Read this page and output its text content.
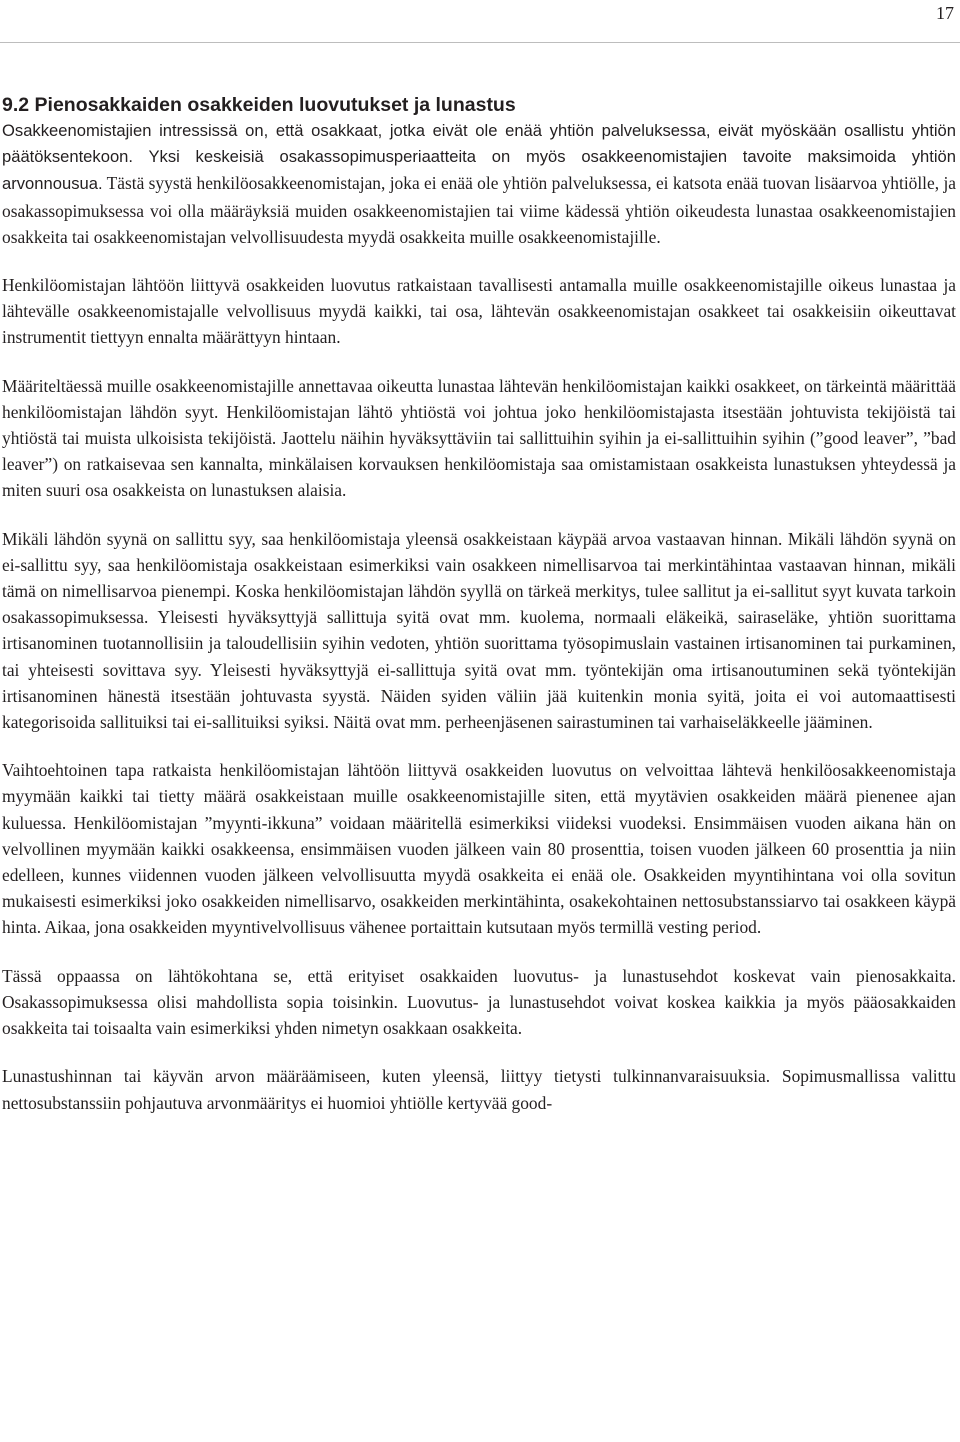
17
9.2 Pienosakkaiden osakkeiden luovutukset ja lunastus

Osakkeenomistajien intressissä on, että osakkaat, jotka eivät ole enää yhtiön palveluksessa, eivät myöskään osallistu yhtiön päätöksentekoon. Yksi keskeisiä osakassopimusperiaatteita on myös osakkeenomistajien tavoite maksimoida yhtiön arvonnousua. Tästä syystä henkilöosakkeenomistajan, joka ei enää ole yhtiön palveluksessa, ei katsota enää tuovan lisäarvoa yhtiölle, ja osakassopimuksessa voi olla määräyksiä muiden osakkeenomistajien tai viime kädessä yhtiön oikeudesta lunastaa osakkeenomistajien osakkeita tai osakkeenomistajan velvollisuudesta myydä osakkeita muille osakkeenomistajille.

Henkilöomistajan lähtöön liittyvä osakkeiden luovutus ratkaistaan tavallisesti antamalla muille osakkeenomistajille oikeus lunastaa ja lähtevälle osakkeenomistajalle velvollisuus myydä kaikki, tai osa, lähtevän osakkeenomistajan osakkeet tai osakkeisiin oikeuttavat instrumentit tiettyyn ennalta määrättyyn hintaan.

Määriteltäessä muille osakkeenomistajille annettavaa oikeutta lunastaa lähtevän henkilöomistajan kaikki osakkeet, on tärkeintä määrittää henkilöomistajan lähdön syyt. Henkilöomistajan lähtö yhtiöstä voi johtua joko henkilöomistajasta itsestään johtuvista tekijöistä tai yhtiöstä tai muista ulkoisista tekijöistä. Jaottelu näihin hyväksyttäviin tai sallittuihin syihin ja ei-sallittuihin syihin (”good leaver”, ”bad leaver”) on ratkaisevaa sen kannalta, minkälaisen korvauksen henkilöomistaja saa omistamistaan osakkeista lunastuksen yhteydessä ja miten suuri osa osakkeista on lunastuksen alaisia.

Mikäli lähdön syynä on sallittu syy, saa henkilöomistaja yleensä osakkeistaan käypää arvoa vastaavan hinnan. Mikäli lähdön syynä on ei-sallittu syy, saa henkilöomistaja osakkeistaan esimerkiksi vain osakkeen nimellisarvoa tai merkintähintaa vastaavan hinnan, mikäli tämä on nimellisarvoa pienempi. Koska henkilöomistajan lähdön syyllä on tärkeä merkitys, tulee sallitut ja ei-sallitut syyt kuvata tarkoin osakassopimuksessa. Yleisesti hyväksyttyjä sallittuja syitä ovat mm. kuolema, normaali eläkeikä, sairaseläke, yhtiön suorittama irtisanominen tuotannollisiin ja taloudellisiin syihin vedoten, yhtiön suorittama työsopimuslain vastainen irtisanominen tai purkaminen, tai yhteisesti sovittava syy. Yleisesti hyväksyttyjä ei-sallittuja syitä ovat mm. työntekijän oma irtisanoutuminen sekä työntekijän irtisanominen hänestä itsestään johtuvasta syystä. Näiden syiden väliin jää kuitenkin monia syitä, joita ei voi automaattisesti kategorisoida sallituiksi tai ei-sallituiksi syiksi. Näitä ovat mm. perheenjäsenen sairastuminen tai varhaiseläkkeelle jääminen.

Vaihtoehtoinen tapa ratkaista henkilöomistajan lähtöön liittyvä osakkeiden luovutus on velvoittaa lähtevä henkilöosakkeenomistaja myymään kaikki tai tietty määrä osakkeistaan muille osakkeenomistajille siten, että myytävien osakkeiden määrä pienenee ajan kuluessa. Henkilöomistajan ”myynti-ikkuna” voidaan määritellä esimerkiksi viideksi vuodeksi. Ensimmäisen vuoden aikana hän on velvollinen myymään kaikki osakkeensa, ensimmäisen vuoden jälkeen vain 80 prosenttia, toisen vuoden jälkeen 60 prosenttia ja niin edelleen, kunnes viidennen vuoden jälkeen velvollisuutta myydä osakkeita ei enää ole. Osakkeiden myyntihintana voi olla sovitun mukaisesti esimerkiksi joko osakkeiden nimellisarvo, osakkeiden merkintähinta, osakekohtainen nettosubstanssiarvo tai osakkeen käypä hinta. Aikaa, jona osakkeiden myyntivelvollisuus vähenee portaittain kutsutaan myös termillä vesting period.

Tässä oppaassa on lähtökohtana se, että erityiset osakkaiden luovutus- ja lunastusehdot koskevat vain pienosakkaita. Osakassopimuksessa olisi mahdollista sopia toisinkin. Luovutus- ja lunastusehdot voivat koskea kaikkia ja myös pääosakkaiden osakkeita tai toisaalta vain esimerkiksi yhden nimetyn osakkaan osakkeita.

Lunastushinnan tai käyvän arvon määräämiseen, kuten yleensä, liittyy tietysti tulkinnanvaraisuuksia. Sopimusmallissa valittu nettosubstanssiin pohjautuva arvonmääritys ei huomioi yhtiölle kertyvää good-
